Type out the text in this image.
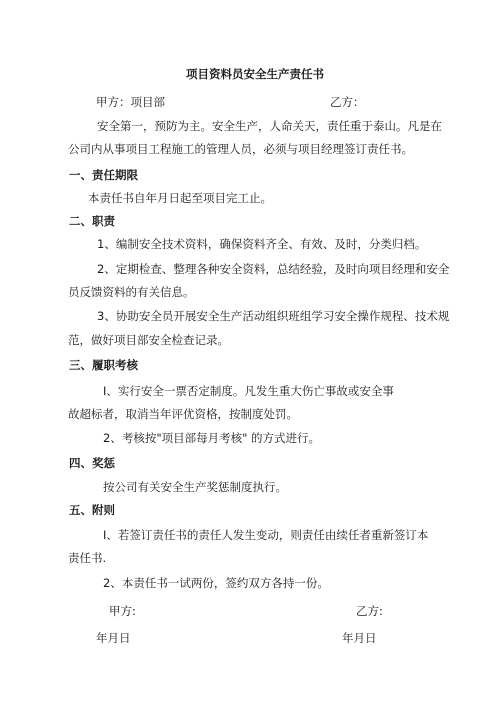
项目资料员安全生产责任书
甲方：项目部	乙方：
安全第一，预防为主。安全生产，人命关天，责任重于泰山。凡是在
公司内从事项目工程施工的管理人员，必须与项目经理签订责任书。
一、责任期限
本责任书自年月日起至项目完工止。
二、职责
1、编制安全技术资料，确保资料齐全、有效、及时，分类归档。
2、定期检查、整理各种安全资料，总结经验，及时向项目经理和安全
员反馈资料的有关信息。
3、协助安全员开展安全生产活动组织班组学习安全操作规程、技术规
范，做好项目部安全检查记录。
三、履职考核
I、实行安全一票否定制度。凡发生重大伤亡事故或安全事
故超标者，取消当年评优资格，按制度处罚。
2、考核按"项目部每月考核" 的方式进行。
四、奖惩
按公司有关安全生产奖惩制度执行。
五、附则
I、若签订责任书的责任人发生变动，则责任由续任者重新签订本
责任书.
2、本责任书一试两份，签约双方各持一份。
甲方:	乙方:
年月日	年月日
